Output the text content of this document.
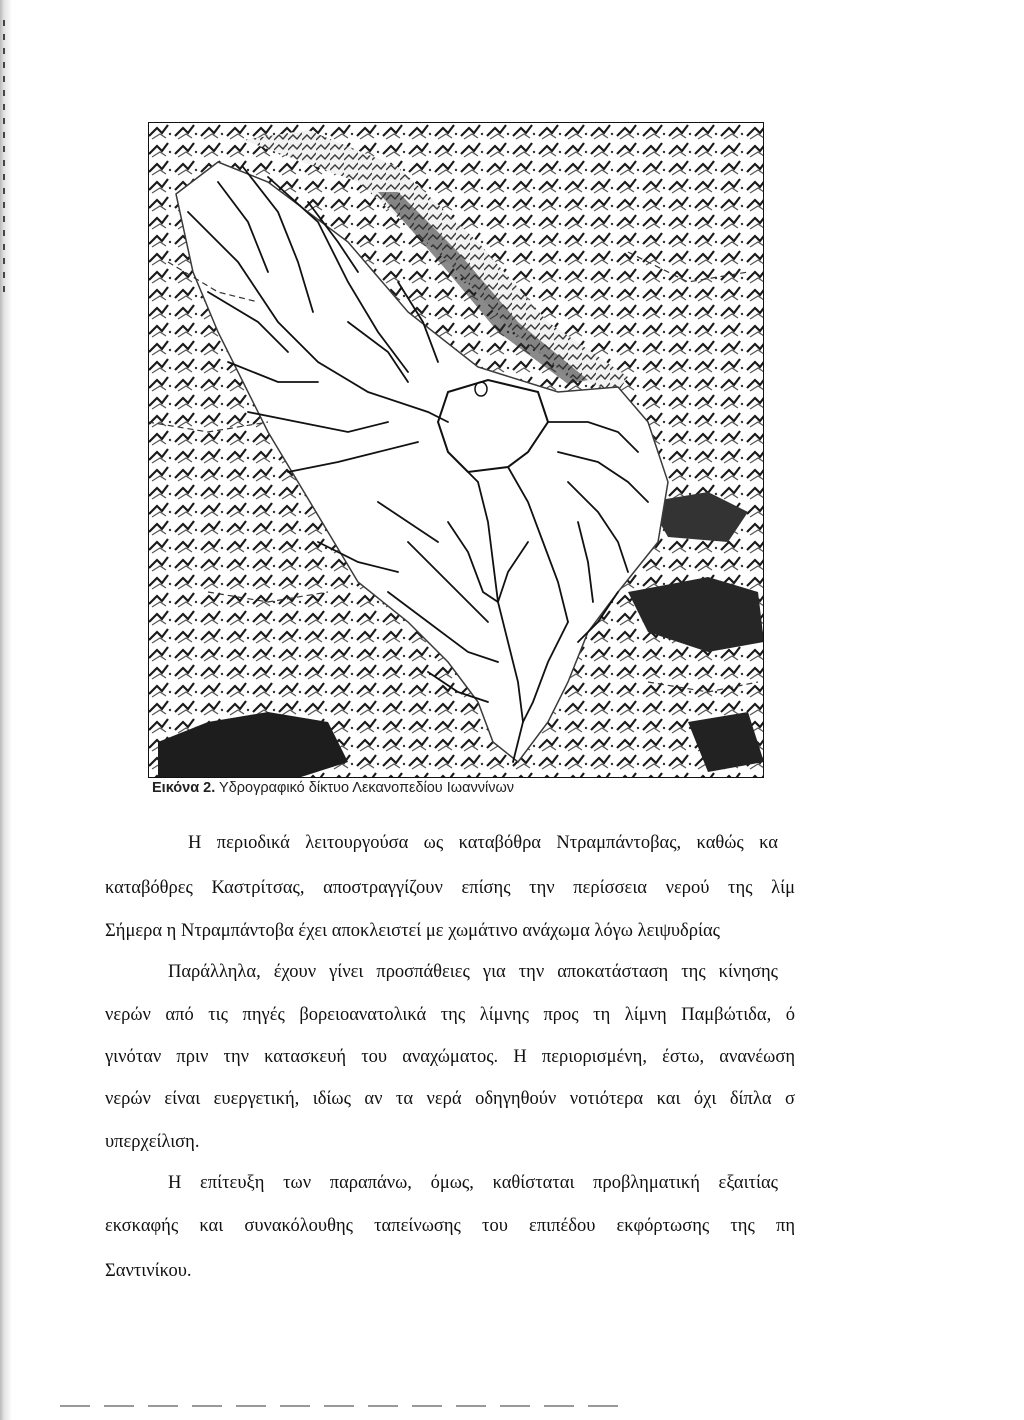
Εικόνα 2. Υδρογραφικό δίκτυο Λεκανοπεδίου Ιωαννίνων
Η περιοδικά λειτουργούσα ως καταβόθρα Ντραμπάντοβας, καθώς κα
καταβόθρες Καστρίτσας, αποστραγγίζουν επίσης την περίσσεια νερού της λίμ
Σήμερα η Ντραμπάντοβα έχει αποκλειστεί με χωμάτινο ανάχωμα λόγω λειψυδρίας
Παράλληλα, έχουν γίνει προσπάθειες για την αποκατάσταση της κίνησης
νερών από τις πηγές βορειοανατολικά της λίμνης προς τη λίμνη Παμβώτιδα, ό
γινόταν πριν την κατασκευή του αναχώματος. Η περιορισμένη, έστω, ανανέωση
νερών είναι ευεργετική, ιδίως αν τα νερά οδηγηθούν νοτιότερα και όχι δίπλα σ
υπερχείλιση.
Η επίτευξη των παραπάνω, όμως, καθίσταται προβληματική εξαιτίας
εκσκαφής και συνακόλουθης ταπείνωσης του επιπέδου εκφόρτωσης της πη
Σαντινίκου.
